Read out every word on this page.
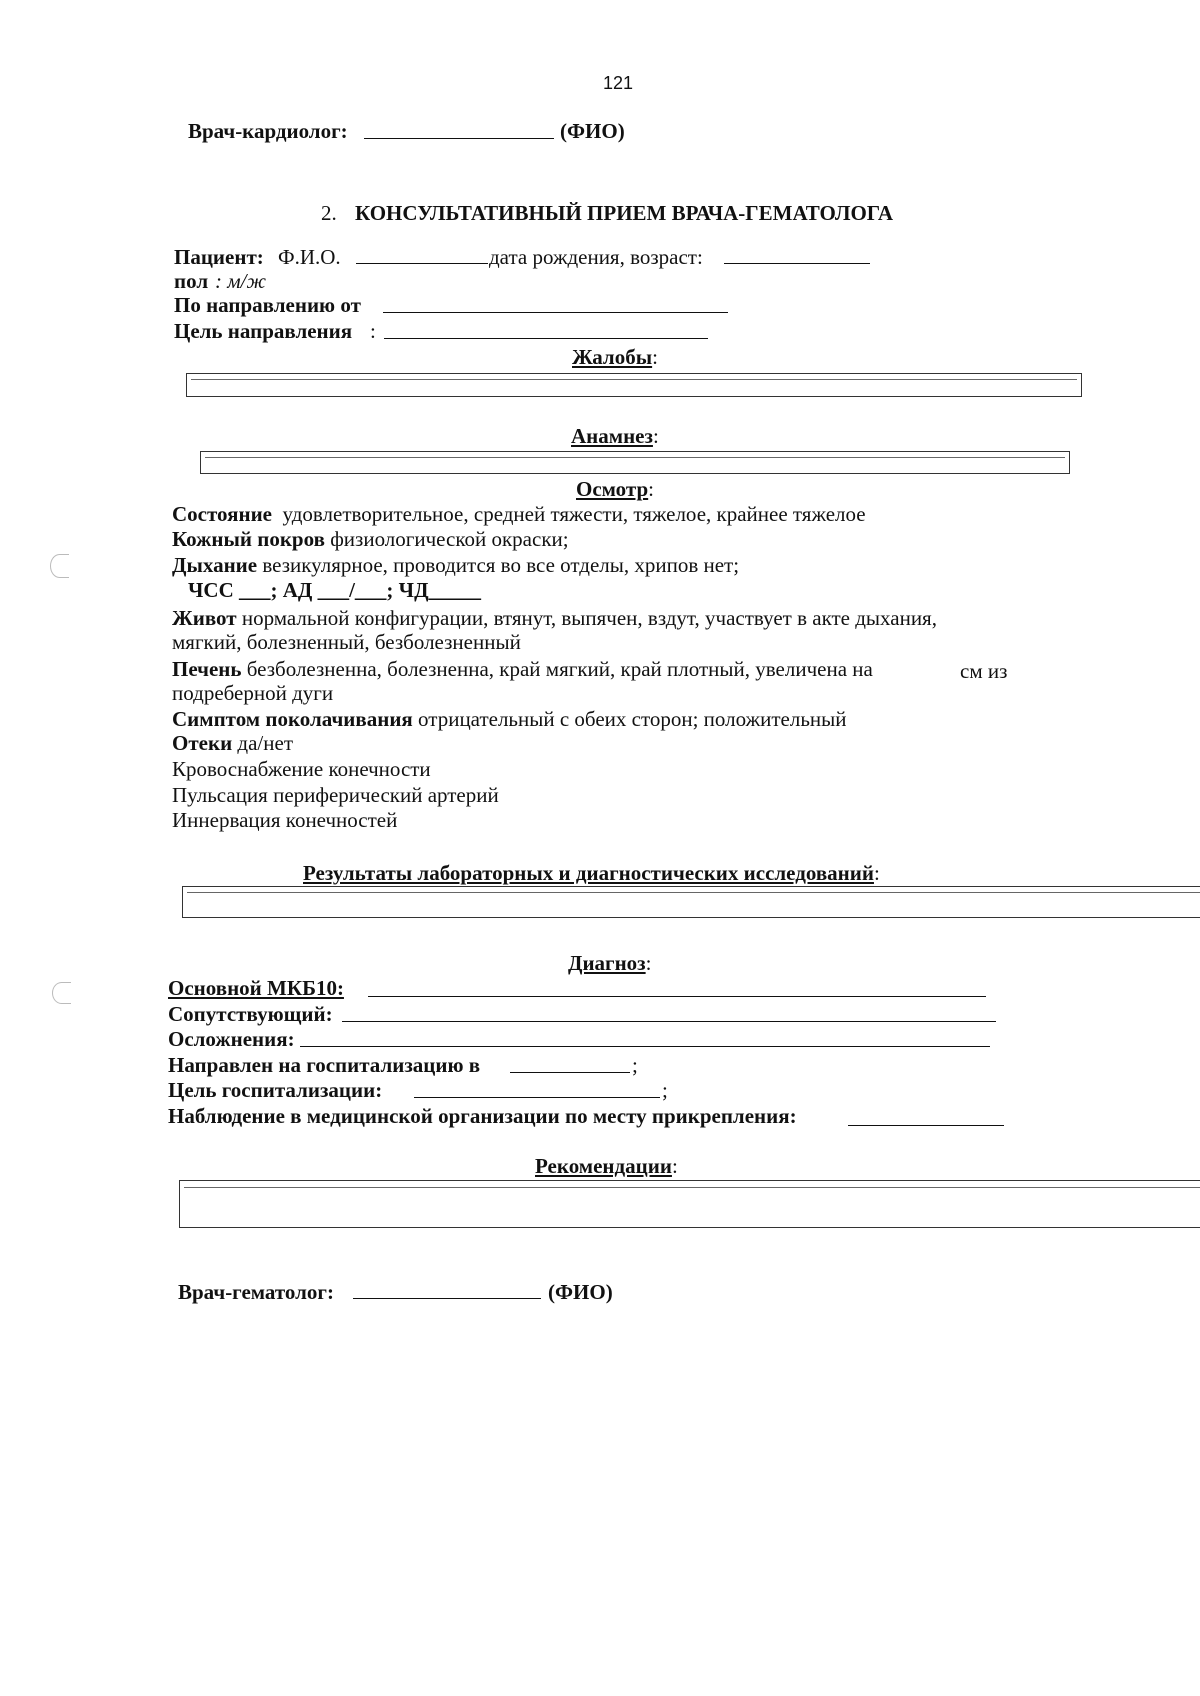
121
Врач-кардиолог:	(ФИО)
2. КОНСУЛЬТАТИВНЫЙ ПРИЕМ ВРАЧА-ГЕМАТОЛОГА
Пациент: Ф.И.О.	дата рождения, возраст:
пол : м/ж
По направлению от
Цель направления :
Жалобы:
Анамнез:
Осмотр:
Состояние удовлетворительное, средней тяжести, тяжелое, крайнее тяжелое
Кожный покров физиологической окраски;
Дыхание везикулярное, проводится во все отделы, хрипов нет;
ЧСС ___; АД ___/___; ЧД_____
Живот нормальной конфигурации, втянут, выпячен, вздут, участвует в акте дыхания,
мягкий, болезненный, безболезненный
Печень безболезненна, болезненна, край мягкий, край плотный, увеличена на	см из
подреберной дуги
Симптом поколачивания отрицательный с обеих сторон; положительный
Отеки да/нет
Кровоснабжение конечности
Пульсация периферический артерий
Иннервация конечностей
Результаты лабораторных и диагностических исследований:
Диагноз:
Основной МКБ10:
Сопутствующий:
Осложнения:
Направлен на госпитализацию в	;
Цель госпитализации:	;
Наблюдение в медицинской организации по месту прикрепления:
Рекомендации:
Врач-гематолог:	(ФИО)
